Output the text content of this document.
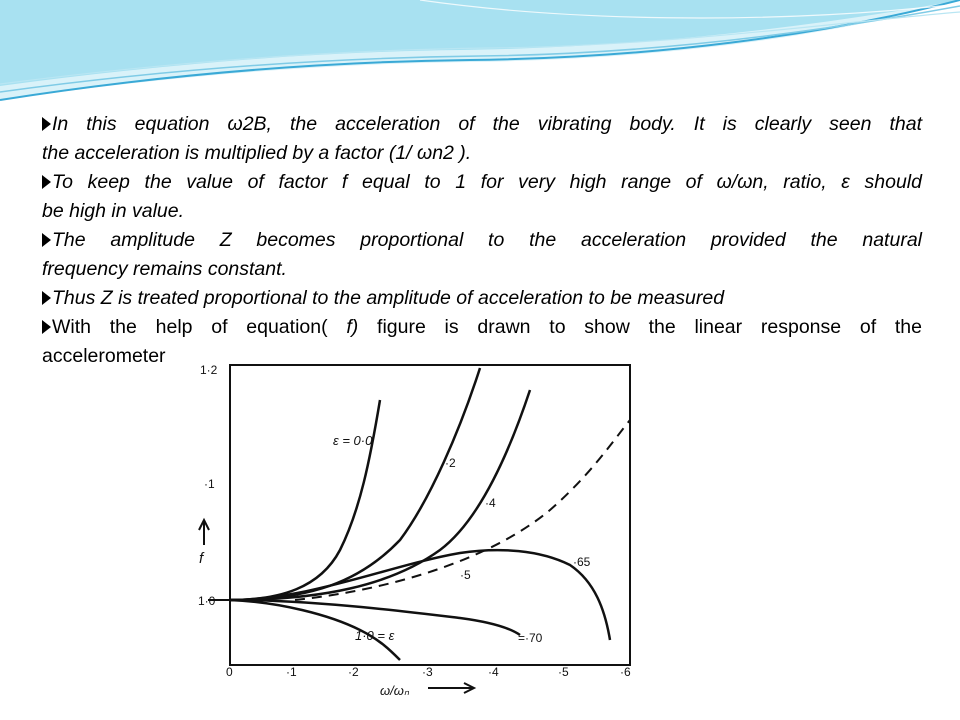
In this equation ω2B, the acceleration of the vibrating body. It is clearly seen that

the acceleration is multiplied by a factor (1/ ωn2 ).

To keep the value of factor f equal to 1 for very high range of ω/ωn, ratio, ε should

be high in value.

The amplitude Z becomes proportional to the acceleration provided the natural

frequency remains constant.

Thus Z is treated proportional to the amplitude of acceleration to be measured

With the help of equation( f) figure is drawn to show the linear response of the

accelerometer

1·2
·1
1·0
f
0	·1	·2	·3	·4	·5	·6
ω/ωₙ
ε = 0·0
·2
·4
·5
·65
=·70
1·0 = ε
